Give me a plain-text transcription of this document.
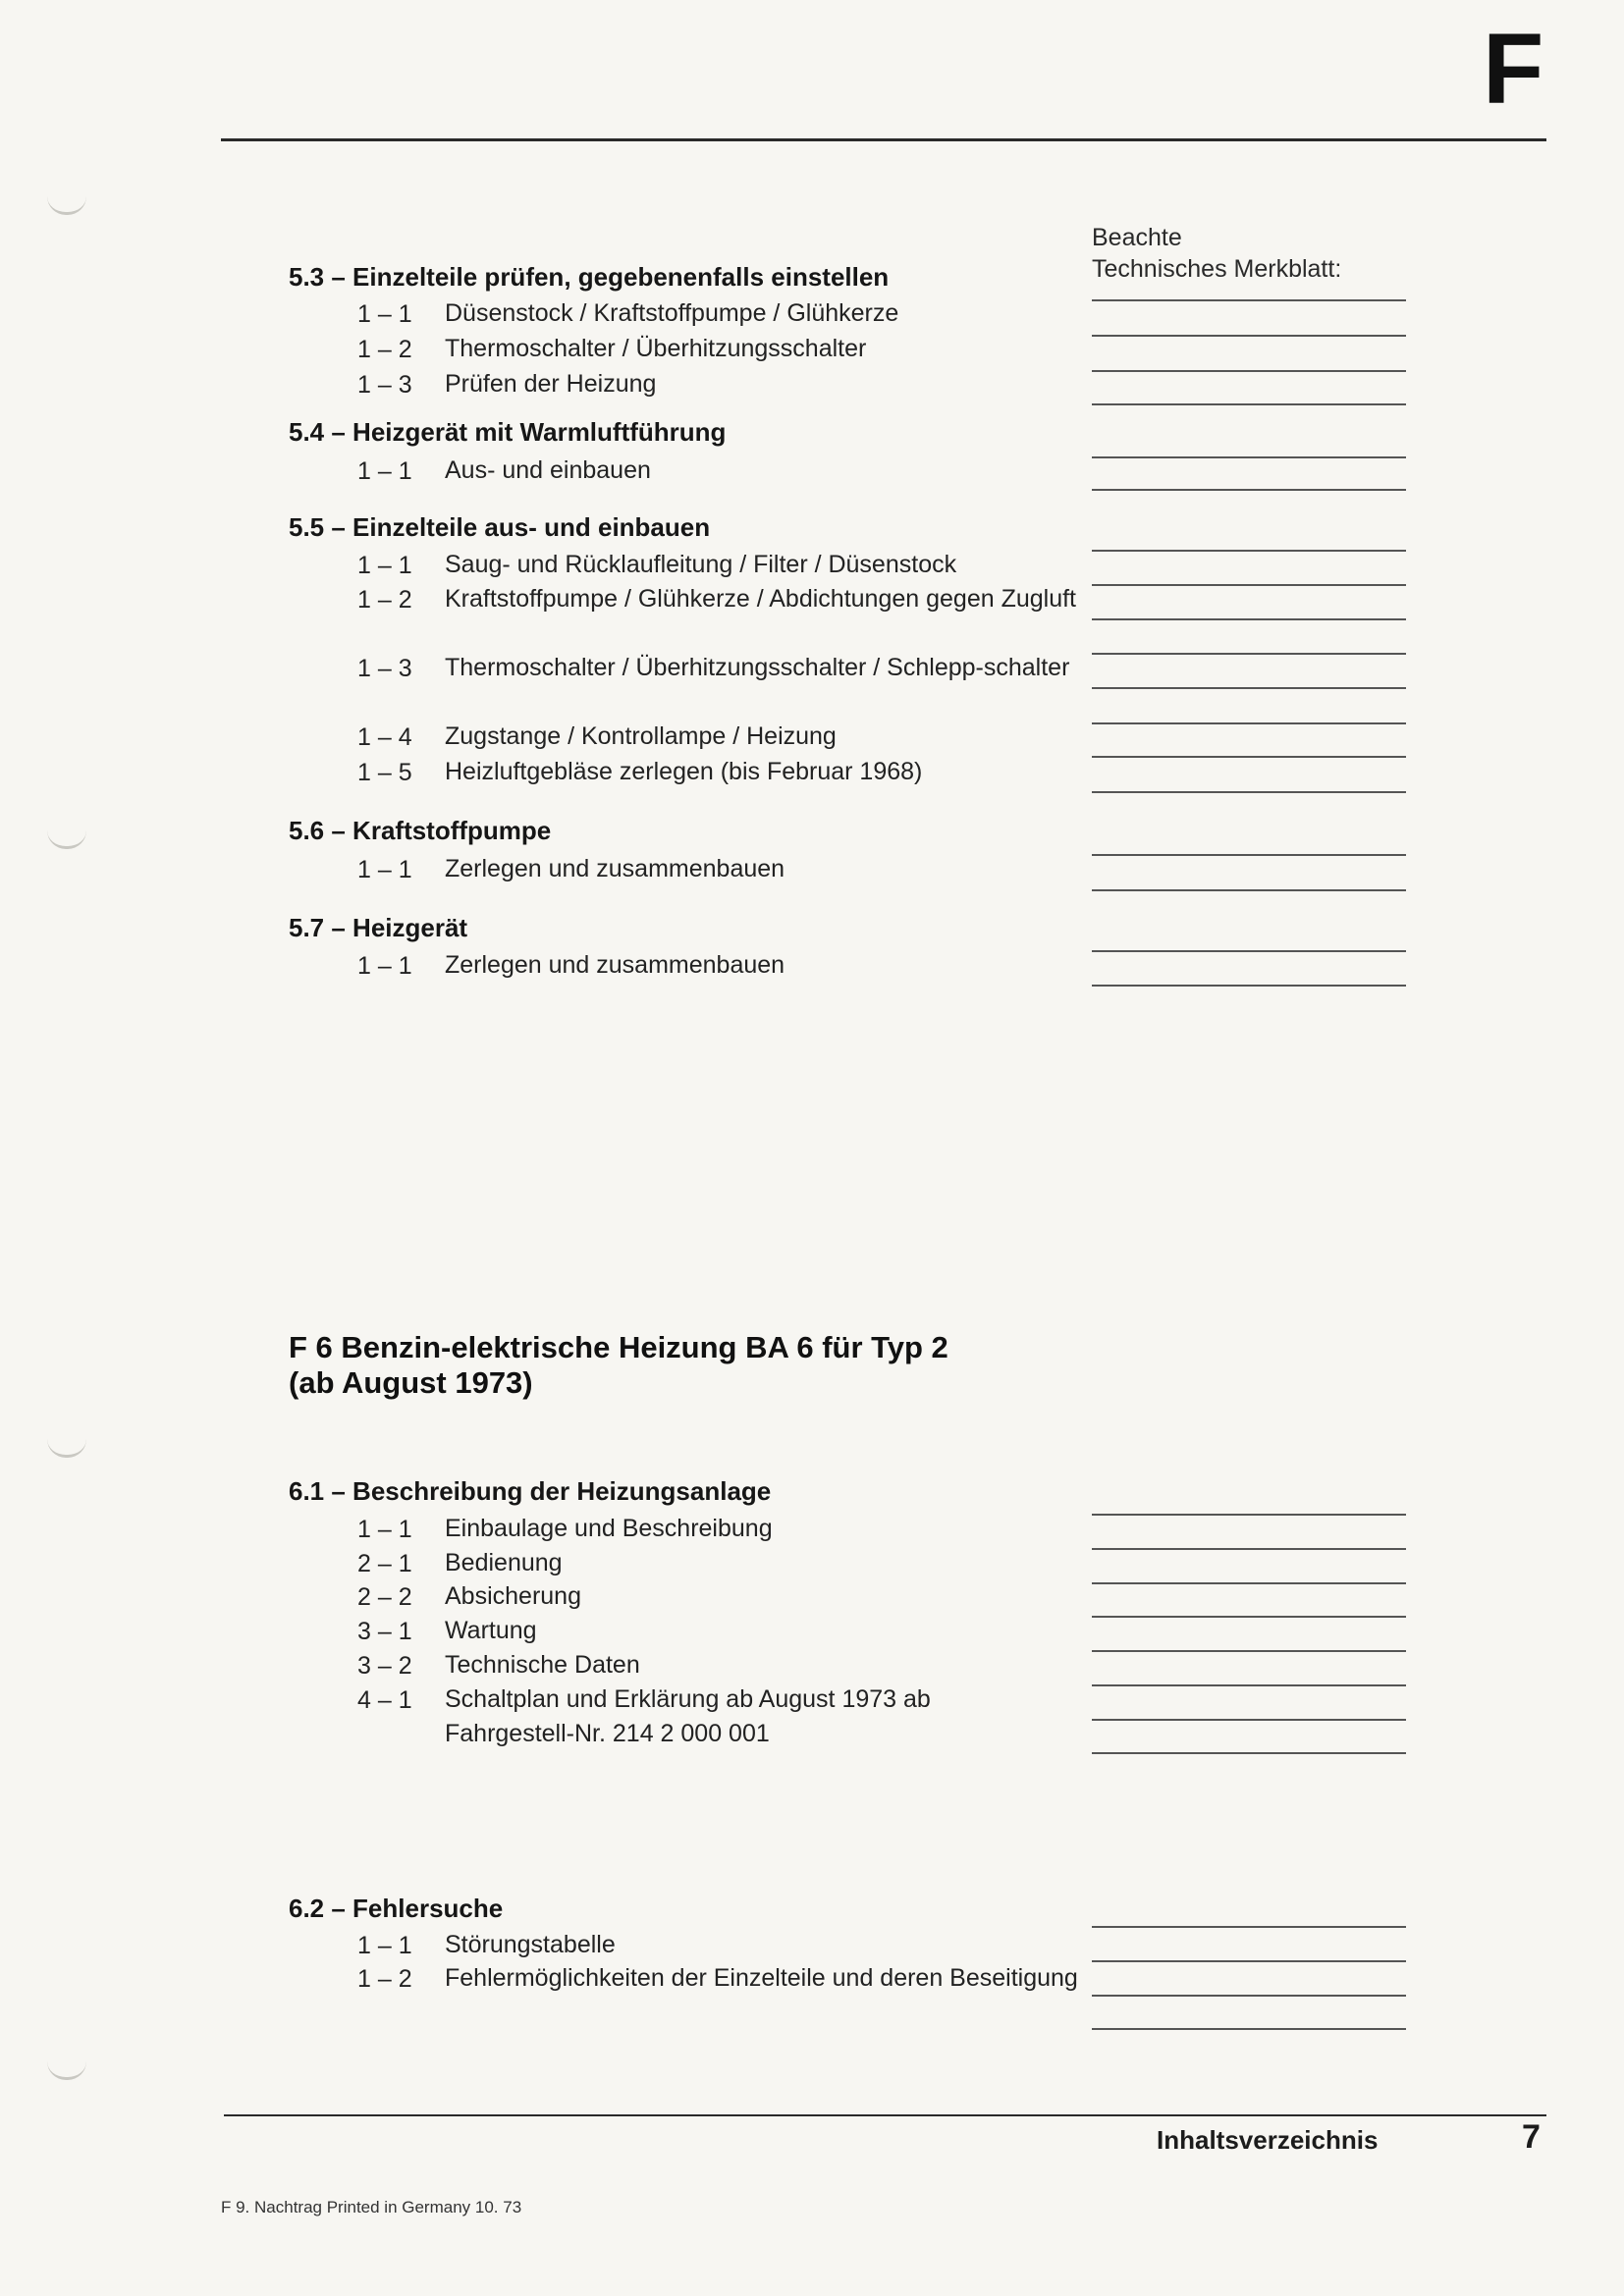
F
Beachte
Technisches Merkblatt:
5.3 – Einzelteile prüfen, gegebenenfalls einstellen
1 – 1	Düsenstock / Kraftstoffpumpe / Glühkerze
1 – 2	Thermoschalter / Überhitzungsschalter
1 – 3	Prüfen der Heizung
5.4 – Heizgerät mit Warmluftführung
1 – 1	Aus- und einbauen
5.5 – Einzelteile aus- und einbauen
1 – 1	Saug- und Rücklaufleitung / Filter / Düsenstock
1 – 2	Kraftstoffpumpe / Glühkerze / Abdichtungen gegen Zugluft
1 – 3	Thermoschalter / Überhitzungsschalter / Schlepp-schalter
1 – 4	Zugstange / Kontrollampe / Heizung
1 – 5	Heizluftgebläse zerlegen (bis Februar 1968)
5.6 – Kraftstoffpumpe
1 – 1	Zerlegen und zusammenbauen
5.7 – Heizgerät
1 – 1	Zerlegen und zusammenbauen
F 6 Benzin-elektrische Heizung BA 6 für Typ 2
(ab August 1973)
6.1 – Beschreibung der Heizungsanlage
1 – 1	Einbaulage und Beschreibung
2 – 1	Bedienung
2 – 2	Absicherung
3 – 1	Wartung
3 – 2	Technische Daten
4 – 1	Schaltplan und Erklärung ab August 1973 ab Fahrgestell-Nr. 214 2 000 001
6.2 – Fehlersuche
1 – 1	Störungstabelle
1 – 2	Fehlermöglichkeiten der Einzelteile und deren Beseitigung
Inhaltsverzeichnis	7
F 9. Nachtrag Printed in Germany 10. 73
